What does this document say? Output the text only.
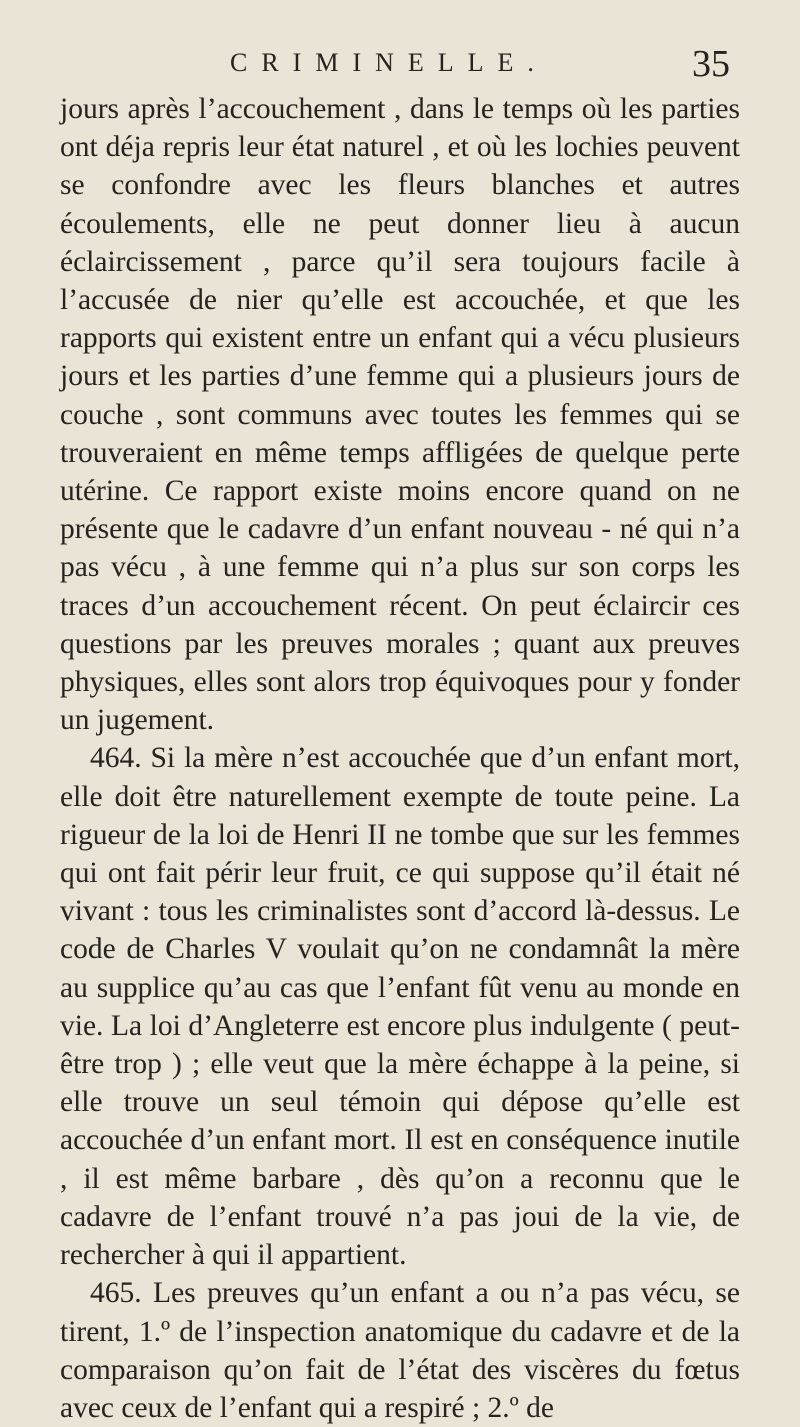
CRIMINELLE.	35

jours après l’accouchement , dans le temps où les parties ont déja repris leur état naturel , et où les lochies peuvent se confondre avec les fleurs blanches et autres écoulements, elle ne peut donner lieu à aucun éclaircissement , parce qu’il sera toujours facile à l’accusée de nier qu’elle est accouchée, et que les rapports qui existent entre un enfant qui a vécu plusieurs jours et les parties d’une femme qui a plusieurs jours de couche , sont communs avec toutes les femmes qui se trouveraient en même temps affligées de quelque perte utérine. Ce rapport existe moins encore quand on ne présente que le cadavre d’un enfant nouveau - né qui n’a pas vécu , à une femme qui n’a plus sur son corps les traces d’un accouchement récent. On peut éclaircir ces questions par les preuves morales ; quant aux preuves physiques, elles sont alors trop équivoques pour y fonder un jugement.

464. Si la mère n’est accouchée que d’un enfant mort, elle doit être naturellement exempte de toute peine. La rigueur de la loi de Henri II ne tombe que sur les femmes qui ont fait périr leur fruit, ce qui suppose qu’il était né vivant : tous les criminalistes sont d’accord là-dessus. Le code de Charles V voulait qu’on ne condamnât la mère au supplice qu’au cas que l’enfant fût venu au monde en vie. La loi d’Angleterre est encore plus indulgente ( peut-être trop ) ; elle veut que la mère échappe à la peine, si elle trouve un seul témoin qui dépose qu’elle est accouchée d’un enfant mort. Il est en conséquence inutile , il est même barbare , dès qu’on a reconnu que le cadavre de l’enfant trouvé n’a pas joui de la vie, de rechercher à qui il appartient.

465. Les preuves qu’un enfant a ou n’a pas vécu, se tirent, 1.º de l’inspection anatomique du cadavre et de la comparaison qu’on fait de l’état des viscères du fœtus avec ceux de l’enfant qui a respiré ; 2.º de
